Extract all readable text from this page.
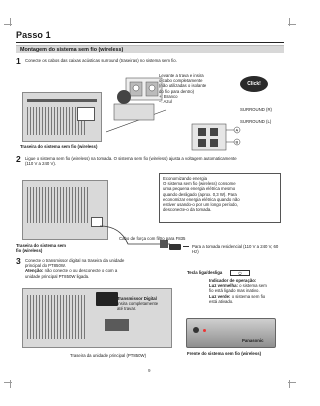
Passo 1
Montagem do sistema sem fio (wireless)
1 Conecte os cabos das caixas acústicas surround (traseiras) no sistema sem fio.
Traseira do sistema sem fio (wireless)
A
B
Levante a trava e insira
o cabo completamente
(não utilizadas o isolante
do fio para dentro)
+: Branco
–: Azul
Click!
SURROUND (R)
SURROUND (L)
2 Ligue o sistema sem fio (wireless) na tomada. O sistema sem fio (wireless) ajusta a voltagem automaticamente
(110 V a 240 V).
Traseira do sistema sem
fio (wireless)
Economizando energia
O sistema sem fio (wireless) consome
uma pequena energia elétrica mesmo
quando desligado (aprox. 0,3 W). Para
economizar energia elétrica quando não
estiver usando-o por um longo período,
desconecte-o da tomada.
Cabo de força com filtro para F835
Para a tomada residencial (110 V a 240 V, 60 Hz)
3 Conecte o transmissor digital na traseira da unidade
principal do PT850W.
Atenção: não conecte o ou desconecte o com a
unidade principal PT850W ligada.
Transmissor Digital
Insira completamente
até travar.
Traseira da unidade principal (PT850W)
Tecla liga/desliga	⏻
Indicador de operação:
Luz vermelha: o sistema sem
fio está ligado mas inativo.
Luz verde: o sistema sem fio
está ativado.
Panasonic
Frente do sistema sem fio (wireless)
9
